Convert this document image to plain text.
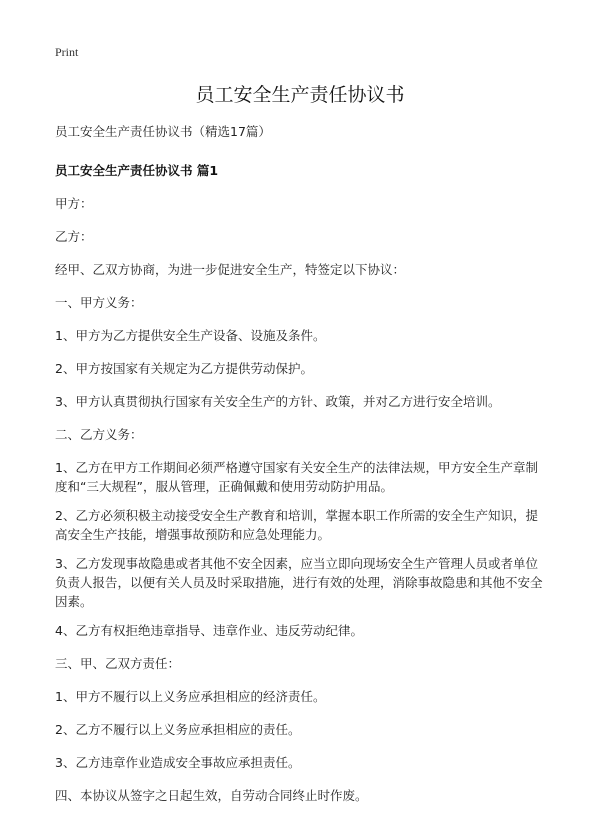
Print
员工安全生产责任协议书

员工安全生产责任协议书（精选17篇）

员工安全生产责任协议书 篇1

甲方：

乙方：

经甲、乙双方协商，为进一步促进安全生产，特签定以下协议：

一、甲方义务：

1、甲方为乙方提供安全生产设备、设施及条件。

2、甲方按国家有关规定为乙方提供劳动保护。

3、甲方认真贯彻执行国家有关安全生产的方针、政策，并对乙方进行安全培训。

二、乙方义务：

1、乙方在甲方工作期间必须严格遵守国家有关安全生产的法律法规，甲方安全生产章制度和“三大规程”，服从管理，正确佩戴和使用劳动防护用品。

2、乙方必须积极主动接受安全生产教育和培训，掌握本职工作所需的安全生产知识，提高安全生产技能，增强事故预防和应急处理能力。

3、乙方发现事故隐患或者其他不安全因素，应当立即向现场安全生产管理人员或者单位负责人报告，以便有关人员及时采取措施，进行有效的处理，消除事故隐患和其他不安全因素。

4、乙方有权拒绝违章指导、违章作业、违反劳动纪律。

三、甲、乙双方责任：

1、甲方不履行以上义务应承担相应的经济责任。

2、乙方不履行以上义务应承担相应的责任。

3、乙方违章作业造成安全事故应承担责任。

四、本协议从签字之日起生效，自劳动合同终止时作废。
